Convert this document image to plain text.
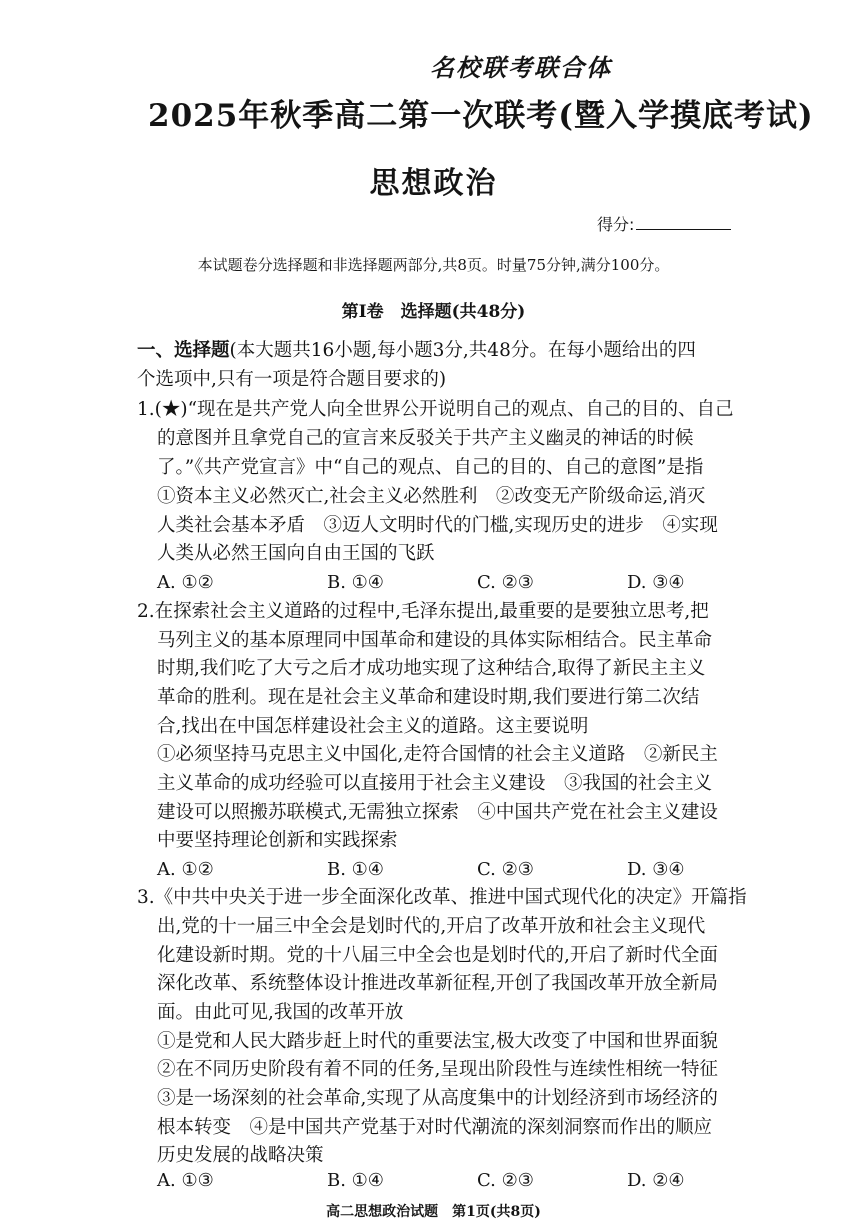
名校联考联合体
2025年秋季高二第一次联考(暨入学摸底考试)
思想政治
得分:
本试题卷分选择题和非选择题两部分,共8页。时量75分钟,满分100分。
第Ⅰ卷　选择题(共48分)
一、选择题(本大题共16小题,每小题3分,共48分。在每小题给出的四
个选项中,只有一项是符合题目要求的)
1.(★)“现在是共产党人向全世界公开说明自己的观点、自己的目的、自己
的意图并且拿党自己的宣言来反驳关于共产主义幽灵的神话的时候
了。”《共产党宣言》中“自己的观点、自己的目的、自己的意图”是指
①资本主义必然灭亡,社会主义必然胜利　②改变无产阶级命运,消灭
人类社会基本矛盾　③迈人文明时代的门槛,实现历史的进步　④实现
人类从必然王国向自由王国的飞跃
A. ①②	B. ①④	C. ②③	D. ③④
2.在探索社会主义道路的过程中,毛泽东提出,最重要的是要独立思考,把
马列主义的基本原理同中国革命和建设的具体实际相结合。民主革命
时期,我们吃了大亏之后才成功地实现了这种结合,取得了新民主主义
革命的胜利。现在是社会主义革命和建设时期,我们要进行第二次结
合,找出在中国怎样建设社会主义的道路。这主要说明
①必须坚持马克思主义中国化,走符合国情的社会主义道路　②新民主
主义革命的成功经验可以直接用于社会主义建设　③我国的社会主义
建设可以照搬苏联模式,无需独立探索　④中国共产党在社会主义建设
中要坚持理论创新和实践探索
A. ①②	B. ①④	C. ②③	D. ③④
3.《中共中央关于进一步全面深化改革、推进中国式现代化的决定》开篇指
出,党的十一届三中全会是划时代的,开启了改革开放和社会主义现代
化建设新时期。党的十八届三中全会也是划时代的,开启了新时代全面
深化改革、系统整体设计推进改革新征程,开创了我国改革开放全新局
面。由此可见,我国的改革开放
①是党和人民大踏步赶上时代的重要法宝,极大改变了中国和世界面貌
②在不同历史阶段有着不同的任务,呈现出阶段性与连续性相统一特征
③是一场深刻的社会革命,实现了从高度集中的计划经济到市场经济的
根本转变　④是中国共产党基于对时代潮流的深刻洞察而作出的顺应
历史发展的战略决策
A. ①③	B. ①④	C. ②③	D. ②④
高二思想政治试题　第1页(共8页)
